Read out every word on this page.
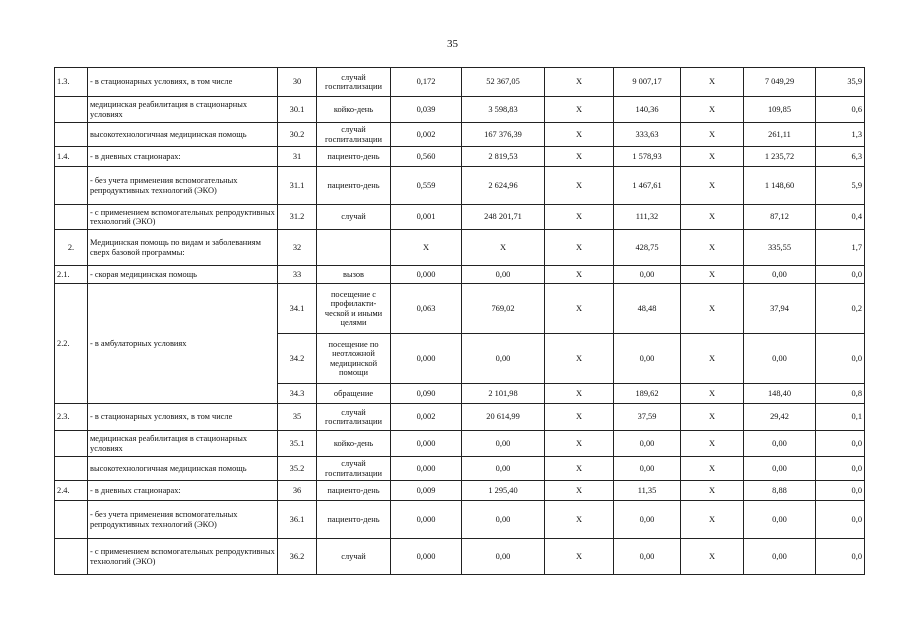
35
1.3.	- в стационарных условиях, в том числе	30	случай госпитализации	0,172	52 367,05	X	9 007,17	X	7 049,29	35,9
	медицинская реабилитация в стационарных условиях	30.1	койко-день	0,039	3 598,83	X	140,36	X	109,85	0,6
	высокотехнологичная медицинская помощь	30.2	случай госпитализации	0,002	167 376,39	X	333,63	X	261,11	1,3
1.4.	- в дневных стационарах:	31	пациенто-день	0,560	2 819,53	X	1 578,93	X	1 235,72	6,3
	- без учета применения вспомогательных репродуктивных технологий (ЭКО)	31.1	пациенто-день	0,559	2 624,96	X	1 467,61	X	1 148,60	5,9
	- с применением вспомогательных репродуктивных технологий (ЭКО)	31.2	случай	0,001	248 201,71	X	111,32	X	87,12	0,4
2.	Медицинская помощь по видам и заболеваниям сверх базовой программы:	32		X	X	X	428,75	X	335,55	1,7
2.1.	- скорая медицинская помощь	33	вызов	0,000	0,00	X	0,00	X	0,00	0,0
2.2.	- в амбулаторных условиях	34.1	посещение с профилакти-ческой и иными целями	0,063	769,02	X	48,48	X	37,94	0,2
		34.2	посещение по неотложной медицинской помощи	0,000	0,00	X	0,00	X	0,00	0,0
		34.3	обращение	0,090	2 101,98	X	189,62	X	148,40	0,8
2.3.	- в стационарных условиях, в том числе	35	случай госпитализации	0,002	20 614,99	X	37,59	X	29,42	0,1
	медицинская реабилитация в стационарных условиях	35.1	койко-день	0,000	0,00	X	0,00	X	0,00	0,0
	высокотехнологичная медицинская помощь	35.2	случай госпитализации	0,000	0,00	X	0,00	X	0,00	0,0
2.4.	- в дневных стационарах:	36	пациенто-день	0,009	1 295,40	X	11,35	X	8,88	0,0
	- без учета применения вспомогательных репродуктивных технологий (ЭКО)	36.1	пациенто-день	0,000	0,00	X	0,00	X	0,00	0,0
	- с применением вспомогательных репродуктивных технологий (ЭКО)	36.2	случай	0,000	0,00	X	0,00	X	0,00	0,0
